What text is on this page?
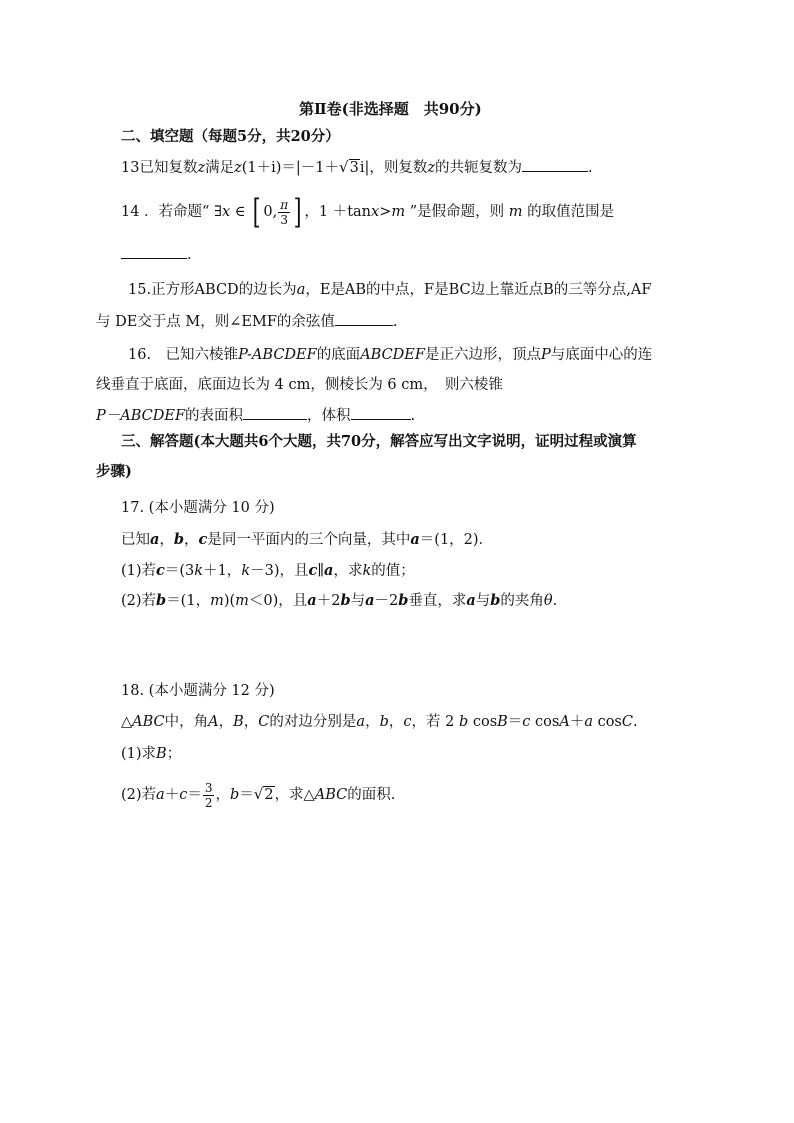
第Ⅱ卷(非选择题　共90分)
二、填空题（每题5分，共20分）
13已知复数z满足z(1＋i)＝|－1＋√3i|，则复数z的共轭复数为	.
14 ．若命题“ ∃x ∈ [ 0, $\frac{\pi}{3}$ ] ，1 ＋tanx>m ”是假命题，则 m 的取值范围是
.
15.正方形ABCD的边长为a，E是AB的中点，F是BC边上靠近点B的三等分点,AF
与 DE交于点 M，则∠EMF的余弦值	.
16.　已知六棱锥P-ABCDEF的底面ABCDEF是正六边形，顶点P与底面中心的连
线垂直于底面，底面边长为 4 cm，侧棱长为 6 cm，　则六棱锥
P－ABCDEF的表面积	，体积	.
三、解答题(本大题共6个大题，共70分，解答应写出文字说明，证明过程或演算
步骤)
17. (本小题满分 10 分)
已知a，b，c是同一平面内的三个向量，其中a＝(1，2)．
(1)若c＝(3k＋1，k－3)，且c∥a，求k的值；
(2)若b＝(1，m)(m＜0)，且a＋2b与a－2b垂直，求a与b的夹角θ.
18. (本小题满分 12 分)
△ABC中，角A，B，C的对边分别是a，b，c，若 2 b cosB＝c cosA＋a cosC.
(1)求B；
(2)若$a+c= \frac{3}{2}$ ，b＝√2，求△ABC的面积.
